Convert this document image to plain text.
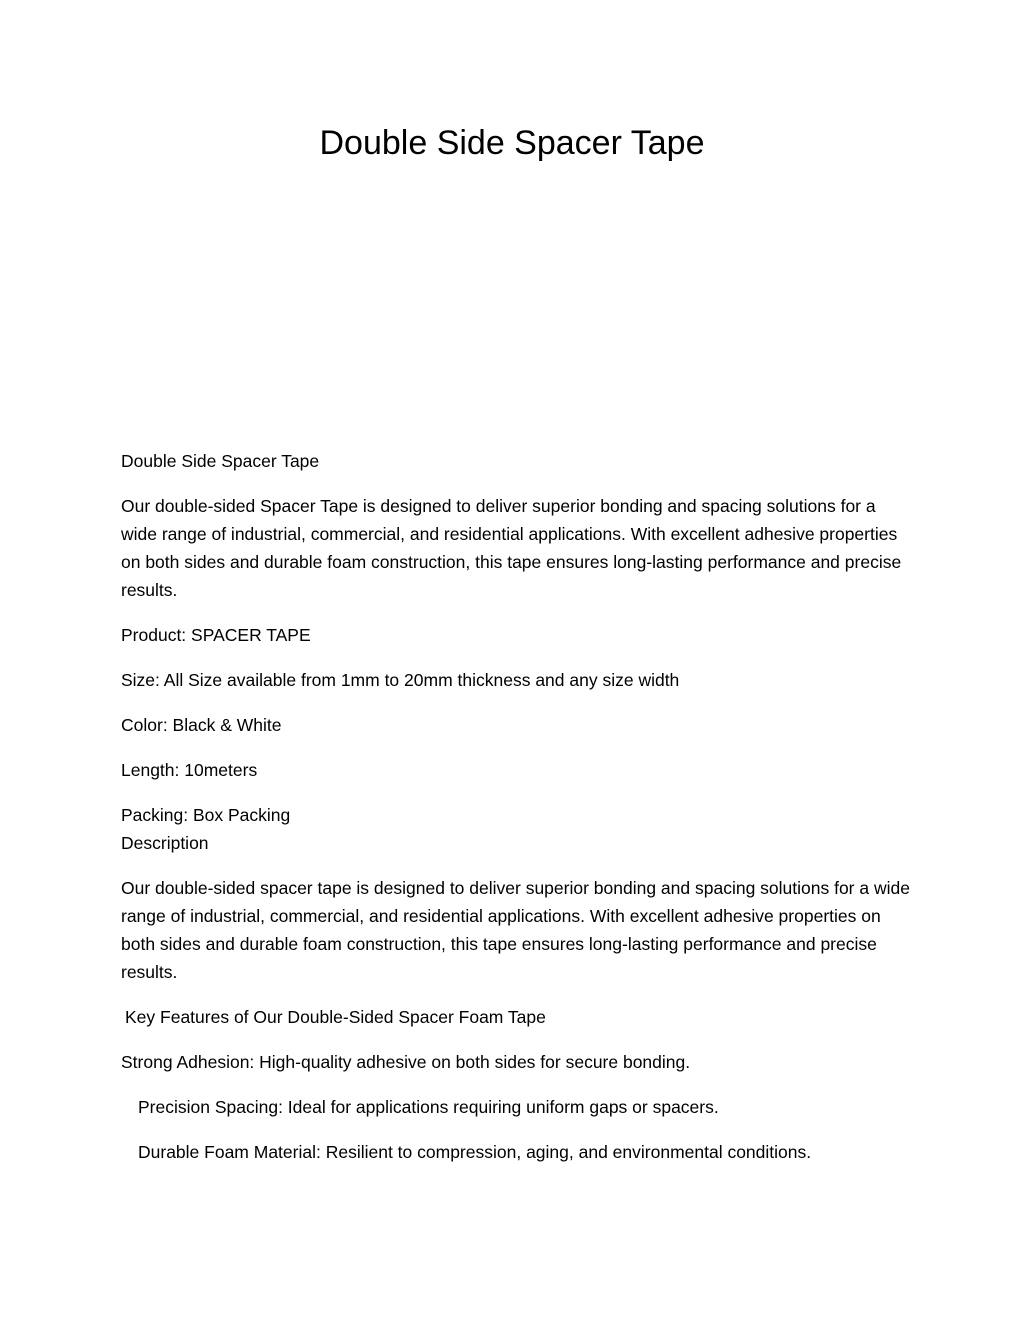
Double Side Spacer Tape

Double Side Spacer Tape

Our double-sided Spacer Tape is designed to deliver superior bonding and spacing solutions for a wide range of industrial, commercial, and residential applications. With excellent adhesive properties on both sides and durable foam construction, this tape ensures long-lasting performance and precise results.

Product: SPACER TAPE

Size: All Size available from 1mm to 20mm thickness and any size width

Color: Black & White

Length: 10meters

Packing: Box Packing

Description

Our double-sided spacer tape is designed to deliver superior bonding and spacing solutions for a wide range of industrial, commercial, and residential applications. With excellent adhesive properties on both sides and durable foam construction, this tape ensures long-lasting performance and precise results.

Key Features of Our Double-Sided Spacer Foam Tape

Strong Adhesion: High-quality adhesive on both sides for secure bonding.

Precision Spacing: Ideal for applications requiring uniform gaps or spacers.

Durable Foam Material: Resilient to compression, aging, and environmental conditions.
